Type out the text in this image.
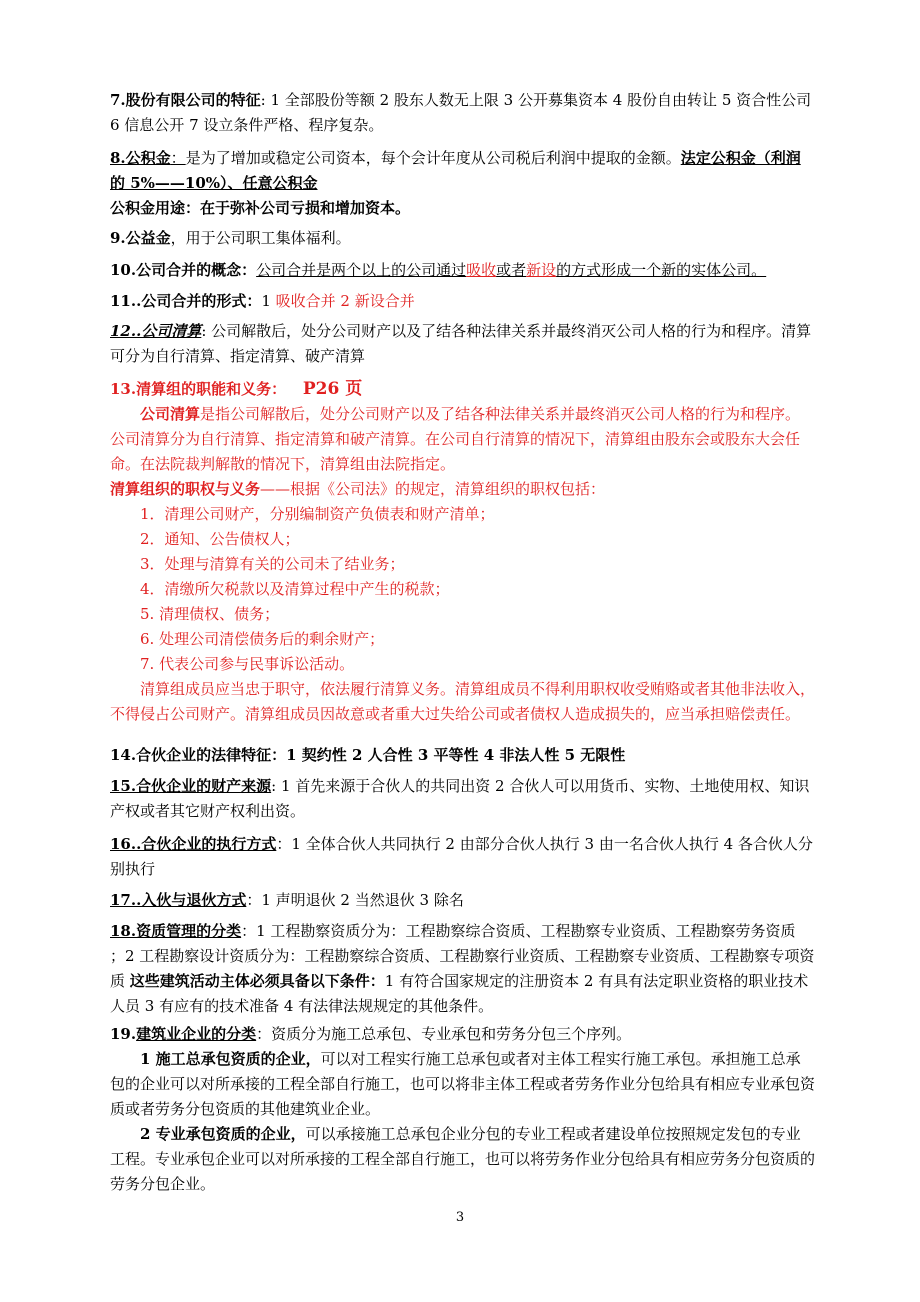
7.股份有限公司的特征: 1 全部股份等额 2 股东人数无上限 3 公开募集资本 4 股份自由转让 5 资合性公司 6 信息公开 7 设立条件严格、程序复杂。

8.公积金：是为了增加或稳定公司资本，每个会计年度从公司税后利润中提取的金额。法定公积金（利润的 5%——10%）、任意公积金
公积金用途：在于弥补公司亏损和增加资本。

9.公益金，用于公司职工集体福利。

10.公司合并的概念：公司合并是两个以上的公司通过吸收或者新设的方式形成一个新的实体公司。

11..公司合并的形式：1 吸收合并 2 新设合并

12..公司清算: 公司解散后，处分公司财产以及了结各种法律关系并最终消灭公司人格的行为和程序。清算可分为自行清算、指定清算、破产清算

13.清算组的职能和义务： P26 页
公司清算是指公司解散后，处分公司财产以及了结各种法律关系并最终消灭公司人格的行为和程序。公司清算分为自行清算、指定清算和破产清算。在公司自行清算的情况下，清算组由股东会或股东大会任命。在法院裁判解散的情况下，清算组由法院指定。
清算组织的职权与义务——根据《公司法》的规定，清算组织的职权包括：
1．清理公司财产，分别编制资产负债表和财产清单；
2．通知、公告债权人；
3．处理与清算有关的公司未了结业务；
4．清缴所欠税款以及清算过程中产生的税款；
5. 清理债权、债务；
6. 处理公司清偿债务后的剩余财产；
7. 代表公司参与民事诉讼活动。
清算组成员应当忠于职守，依法履行清算义务。清算组成员不得利用职权收受贿赂或者其他非法收入，不得侵占公司财产。清算组成员因故意或者重大过失给公司或者债权人造成损失的，应当承担赔偿责任。

14.合伙企业的法律特征：1 契约性 2 人合性 3 平等性 4 非法人性 5 无限性

15.合伙企业的财产来源: 1 首先来源于合伙人的共同出资 2 合伙人可以用货币、实物、土地使用权、知识产权或者其它财产权利出资。

16..合伙企业的执行方式：1 全体合伙人共同执行 2 由部分合伙人执行 3 由一名合伙人执行 4 各合伙人分别执行

17..入伙与退伙方式：1 声明退伙 2 当然退伙 3 除名

18.资质管理的分类：1 工程勘察资质分为：工程勘察综合资质、工程勘察专业资质、工程勘察劳务资质 ；2 工程勘察设计资质分为：工程勘察综合资质、工程勘察行业资质、工程勘察专业资质、工程勘察专项资质 这些建筑活动主体必须具备以下条件：1 有符合国家规定的注册资本 2 有具有法定职业资格的职业技术人员 3 有应有的技术准备 4 有法律法规规定的其他条件。

19.建筑业企业的分类：资质分为施工总承包、专业承包和劳务分包三个序列。
1 施工总承包资质的企业，可以对工程实行施工总承包或者对主体工程实行施工承包。承担施工总承包的企业可以对所承接的工程全部自行施工，也可以将非主体工程或者劳务作业分包给具有相应专业承包资质或者劳务分包资质的其他建筑业企业。
2 专业承包资质的企业，可以承接施工总承包企业分包的专业工程或者建设单位按照规定发包的专业工程。专业承包企业可以对所承接的工程全部自行施工，也可以将劳务作业分包给具有相应劳务分包资质的劳务分包企业。
3
